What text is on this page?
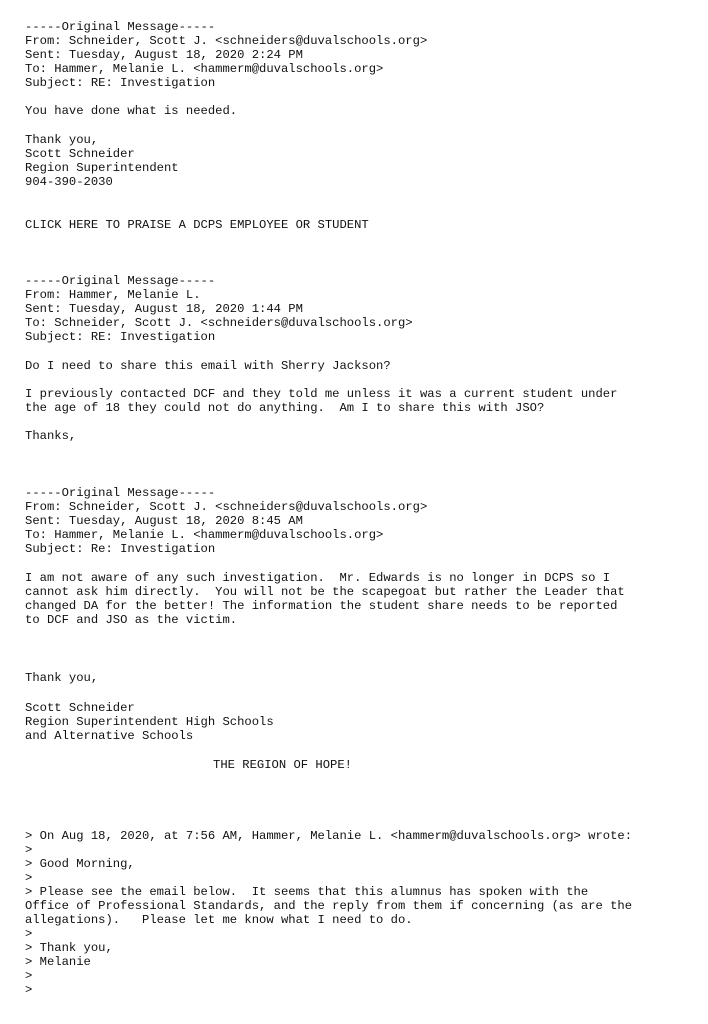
-----Original Message-----
From: Schneider, Scott J. <schneiders@duvalschools.org>
Sent: Tuesday, August 18, 2020 2:24 PM
To: Hammer, Melanie L. <hammerm@duvalschools.org>
Subject: RE: Investigation
You have done what is needed.
Thank you,
Scott Schneider
Region Superintendent
904-390-2030
CLICK HERE TO PRAISE A DCPS EMPLOYEE OR STUDENT
-----Original Message-----
From: Hammer, Melanie L.
Sent: Tuesday, August 18, 2020 1:44 PM
To: Schneider, Scott J. <schneiders@duvalschools.org>
Subject: RE: Investigation
Do I need to share this email with Sherry Jackson?
I previously contacted DCF and they told me unless it was a current student under
the age of 18 they could not do anything.  Am I to share this with JSO?
Thanks,
-----Original Message-----
From: Schneider, Scott J. <schneiders@duvalschools.org>
Sent: Tuesday, August 18, 2020 8:45 AM
To: Hammer, Melanie L. <hammerm@duvalschools.org>
Subject: Re: Investigation
I am not aware of any such investigation.  Mr. Edwards is no longer in DCPS so I
cannot ask him directly.  You will not be the scapegoat but rather the Leader that
changed DA for the better! The information the student share needs to be reported
to DCF and JSO as the victim.
Thank you,
Scott Schneider
Region Superintendent High Schools
and Alternative Schools
THE REGION OF HOPE!
> On Aug 18, 2020, at 7:56 AM, Hammer, Melanie L. <hammerm@duvalschools.org> wrote:
>
> Good Morning,
>
> Please see the email below.  It seems that this alumnus has spoken with the
Office of Professional Standards, and the reply from them if concerning (as are the
allegations).   Please let me know what I need to do.
>
> Thank you,
> Melanie
>
>
